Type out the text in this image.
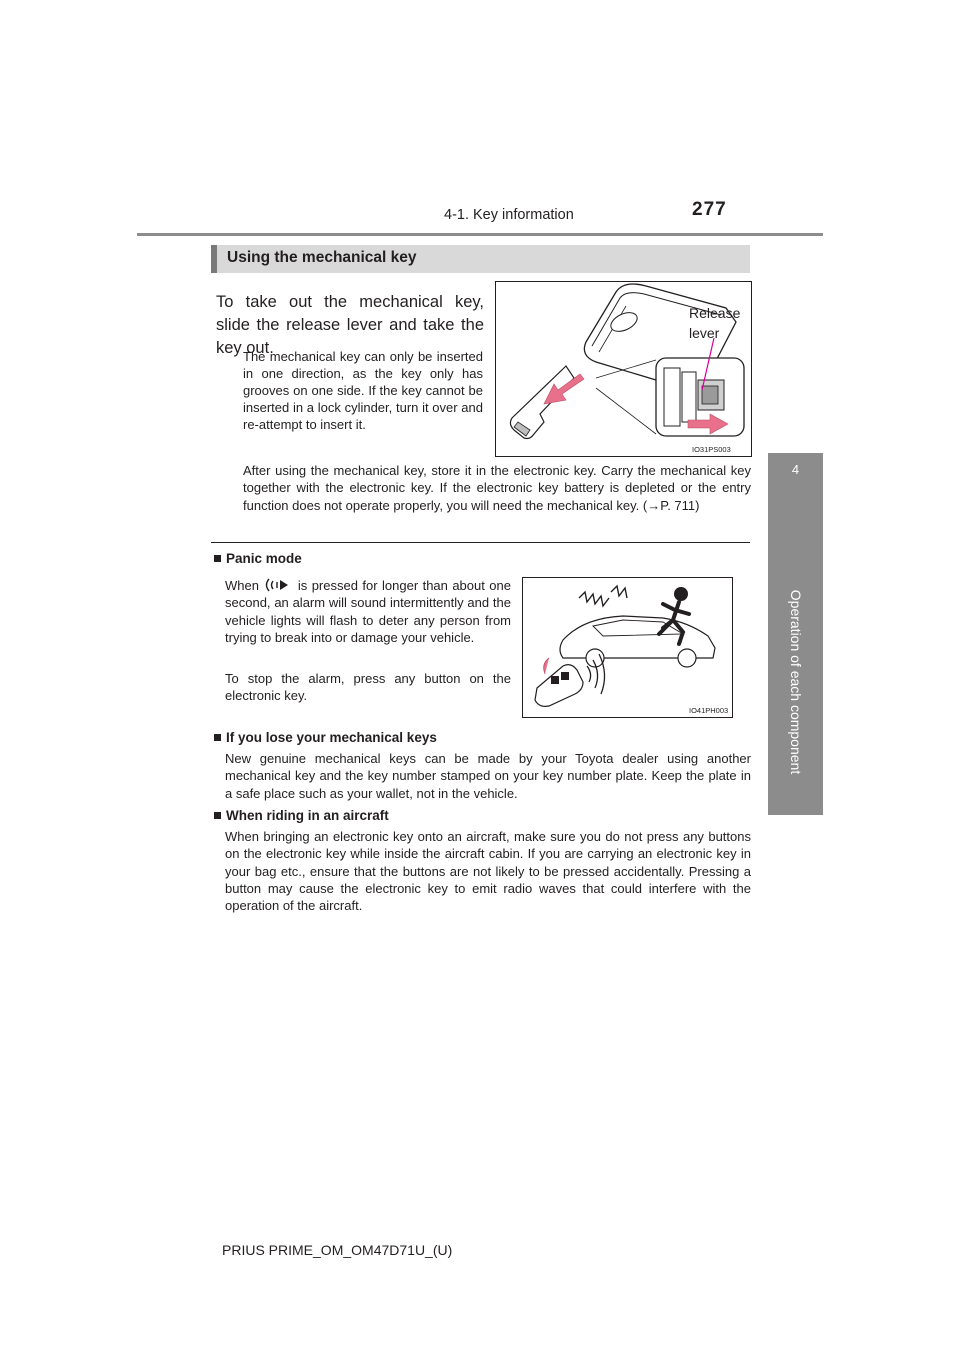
4-1. Key information	277
4
Operation of each component
Using the mechanical key
To take out the mechanical key, slide the release lever and take the key out.
The mechanical key can only be inserted in one direction, as the key only has grooves on one side. If the key cannot be inserted in a lock cylinder, turn it over and re-attempt to insert it.
Release
lever
IO31PS003
After using the mechanical key, store it in the electronic key. Carry the mechanical key together with the electronic key. If the electronic key battery is depleted or the entry function does not operate properly, you will need the mechanical key. (→P. 711)
Panic mode
When	is pressed for longer than about one second, an alarm will sound intermittently and the vehicle lights will flash to deter any person from trying to break into or damage your vehicle.
To stop the alarm, press any button on the electronic key.
IO41PH003
If you lose your mechanical keys
New genuine mechanical keys can be made by your Toyota dealer using another mechanical key and the key number stamped on your key number plate. Keep the plate in a safe place such as your wallet, not in the vehicle.
When riding in an aircraft
When bringing an electronic key onto an aircraft, make sure you do not press any buttons on the electronic key while inside the aircraft cabin. If you are carrying an electronic key in your bag etc., ensure that the buttons are not likely to be pressed accidentally. Pressing a button may cause the electronic key to emit radio waves that could interfere with the operation of the aircraft.
PRIUS PRIME_OM_OM47D71U_(U)
